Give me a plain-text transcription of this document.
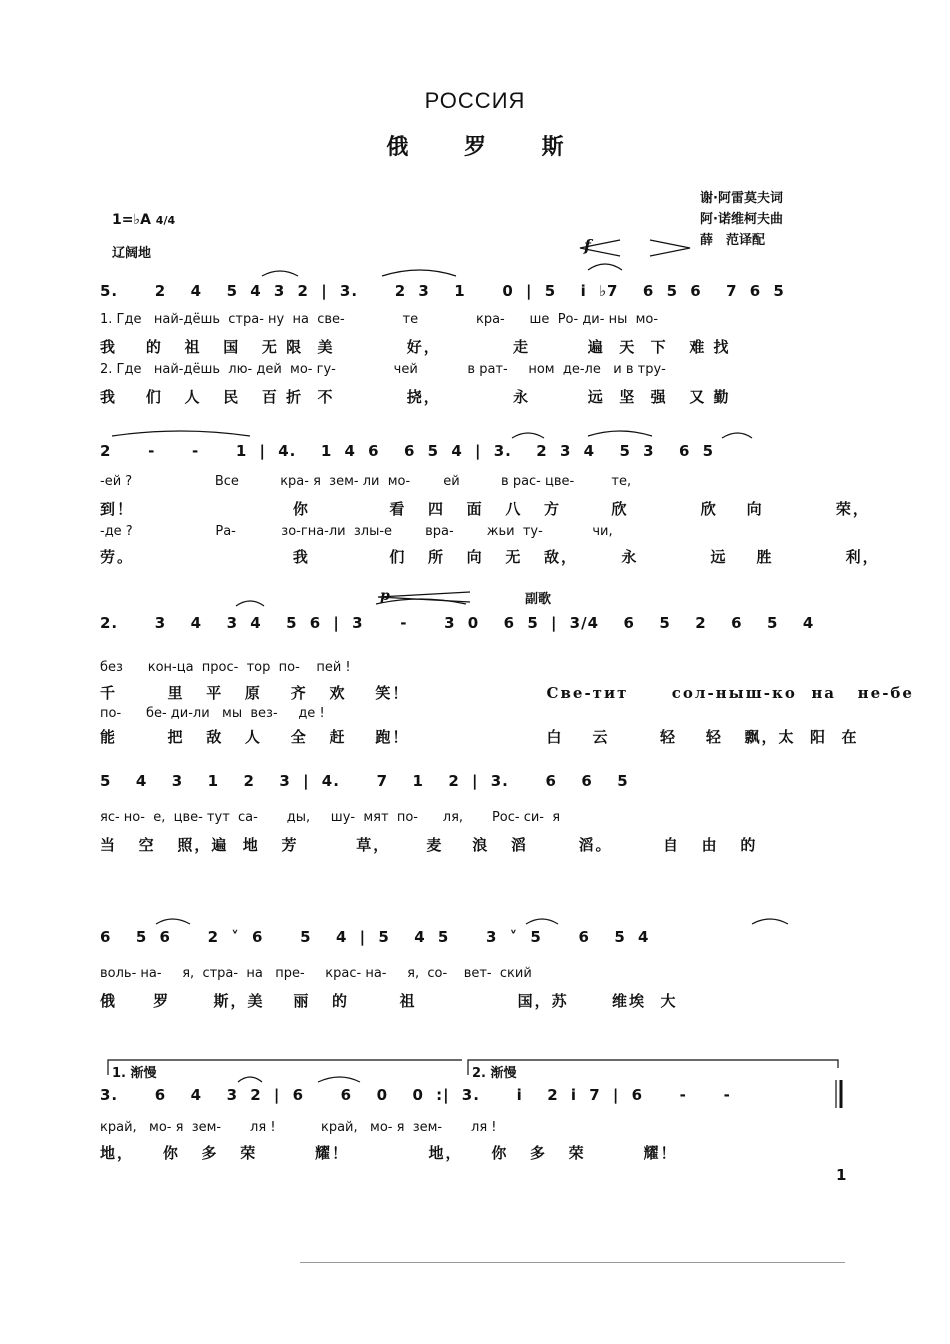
РОССИЯ
俄 罗 斯
谢·阿雷莫夫词
阿·诺维柯夫曲
薛　范译配
1=♭A 4/4
辽阔地	f
p	副歌
5.   2  4  5 4 3 2 | 3.   2 3  1   0 | 5  i ♭7  6 5 6  7 6 5
1. Где   най-дёшь  стра- ну  на  све-              те              кра-      ше  Ро- ди- ны  мо-
我    的   祖   国   无 限  美          好，          走        遍  天  下   难 找
2. Где   най-дёшь  лю- дей  мо- гу-              чей            в рат-     ном  де-ле   и в тру-
我    们   人   民   百 折  不          挠，          永        远  坚  强   又 勤
2   -   -   1 | 4.  1 4 6  6 5 4 | 3.  2 3 4  5 3  6 5
-ей ?                    Все          кра- я  зем- ли  мо-        ей          в рас- цве-         те,
到！                      你           看   四   面   八   方       欣          欣    向          荣，
-де ?                    Ра-           зо-гна-ли  злы-е        вра-        жьи  ту-            чи,
劳。                      我           们   所   向   无   敌，      永          远    胜          利，
2.   3  4  3 4  5 6 | 3   -   3 0  6 5 | 3/4  6  5  2  6  5  4
без      кон-ца  прос-  тор  по-    пей !
千       里   平   原    齐   欢    笑！                   Све-тит      сол-ныш-ко  на   не-бе
по-      бе- ди-ли   мы  вез-     де !
能       把   敌   人    全   赶    跑！                   白    云       轻    轻   飘，太  阳  在
5  4  3  1  2  3 | 4.   7  1  2 | 3.   6  6  5
яс- но-  е,  цве- тут  са-       ды,     шу-  мят  по-      ля,       Рос- си-  я
当   空   照，遍  地   芳        草，     麦    浪   滔       滔。       自   由   的
6  5 6   2 ˅ 6   5  4 | 5  4 5   3 ˅ 5   6  5 4
воль- на-     я,  стра-  на   пре-     крас- на-     я,  со-    вет-  ский
俄     罗      斯，美    丽   的       祖              国，苏      维埃  大
1. 渐慢	2. 渐慢
3.   6  4  3 2 | 6   6  0  0 :| 3.   i  2 i 7 | 6   -   -
край,   мо- я  зем-       ля !           край,   мо- я  зем-       ля !
地，    你   多   荣        耀！           地，    你   多   荣        耀！
1
